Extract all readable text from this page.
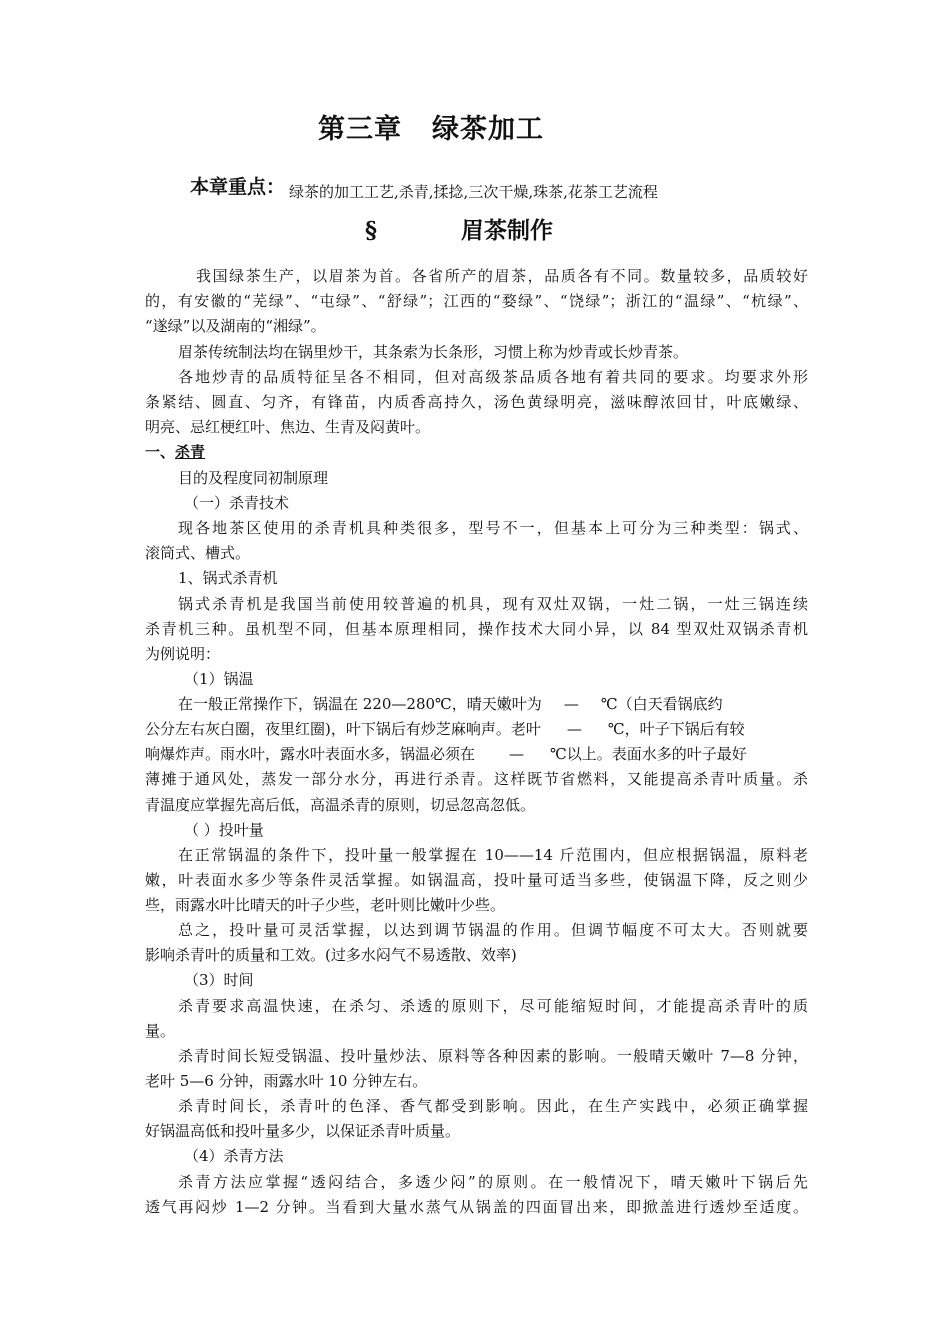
第三章 绿茶加工

本章重点： 绿茶的加工工艺,杀青,揉捻,三次干燥,珠茶,花茶工艺流程

§	眉茶制作

我国绿茶生产，以眉茶为首。各省所产的眉茶，品质各有不同。数量较多，品质较好

的，有安徽的“芜绿”、“屯绿”、“舒绿”；江西的“婺绿”、“饶绿”；浙江的“温绿”、“杭绿”、

“遂绿”以及湖南的“湘绿”。

眉茶传统制法均在锅里炒干，其条索为长条形，习惯上称为炒青或长炒青茶。

各地炒青的品质特征呈各不相同，但对高级茶品质各地有着共同的要求。均要求外形

条紧结、圆直、匀齐，有锋苗，内质香高持久，汤色黄绿明亮，滋味醇浓回甘，叶底嫩绿、

明亮、忌红梗红叶、焦边、生青及闷黄叶。

一、杀青

目的及程度同初制原理

（一）杀青技术

现各地茶区使用的杀青机具种类很多，型号不一，但基本上可分为三种类型：锅式、

滚筒式、槽式。

1、锅式杀青机

锅式杀青机是我国当前使用较普遍的机具，现有双灶双锅，一灶二锅，一灶三锅连续

杀青机三种。虽机型不同，但基本原理相同，操作技术大同小异，以 84 型双灶双锅杀青机

为例说明：

（1）锅温

在一般正常操作下，锅温在 220—280℃，晴天嫩叶为 — ℃（白天看锅底约

公分左右灰白圈，夜里红圈)，叶下锅后有炒芝麻响声。老叶 — ℃，叶子下锅后有较

响爆炸声。雨水叶，露水叶表面水多，锅温必须在 — ℃以上。表面水多的叶子最好

薄摊于通风处，蒸发一部分水分，再进行杀青。这样既节省燃料，又能提高杀青叶质量。杀

青温度应掌握先高后低，高温杀青的原则，切忌忽高忽低。

（ ）投叶量

在正常锅温的条件下，投叶量一般掌握在 10——14 斤范围内，但应根据锅温，原料老

嫩，叶表面水多少等条件灵活掌握。如锅温高，投叶量可适当多些，使锅温下降，反之则少

些，雨露水叶比晴天的叶子少些，老叶则比嫩叶少些。

总之，投叶量可灵活掌握，以达到调节锅温的作用。但调节幅度不可太大。否则就要

影响杀青叶的质量和工效。(过多水闷气不易透散、效率)

（3）时间

杀青要求高温快速，在杀匀、杀透的原则下，尽可能缩短时间，才能提高杀青叶的质

量。

杀青时间长短受锅温、投叶量炒法、原料等各种因素的影响。一般晴天嫩叶 7—8 分钟，

老叶 5—6 分钟，雨露水叶 10 分钟左右。

杀青时间长，杀青叶的色泽、香气都受到影响。因此，在生产实践中，必须正确掌握

好锅温高低和投叶量多少，以保证杀青叶质量。

（4）杀青方法

杀青方法应掌握“透闷结合，多透少闷”的原则。在一般情况下，晴天嫩叶下锅后先

透气再闷炒 1—2 分钟。当看到大量水蒸气从锅盖的四面冒出来，即掀盖进行透炒至适度。
